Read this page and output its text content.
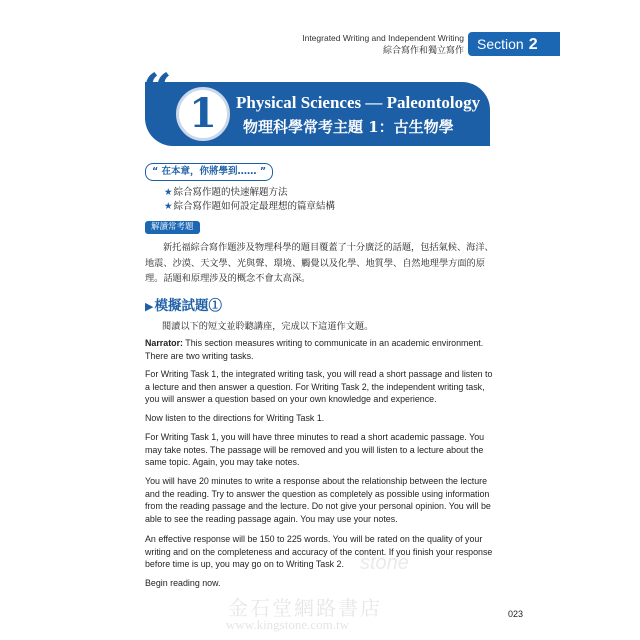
Integrated Writing and Independent Writing
綜合寫作和獨立寫作 Section 2
“
”
1	Physical Sciences — Paleontology
物理科學常考主題 1：古生物學
“ 在本章，你將學到…… ”
★綜合寫作題的快速解題方法
★綜合寫作題如何設定最理想的篇章結構
解讀常考題
新托福綜合寫作題涉及物理科學的題目覆蓋了十分廣泛的話題，包括氣候、海洋、地震、沙漠、天文學、光與聲、環境、觸覺以及化學、地質學、自然地理學方面的原理。話題和原理涉及的概念不會太高深。
▶模擬試題①
閱讀以下的短文並聆聽講座，完成以下這道作文題。
Narrator: This section measures writing to communicate in an academic environment. There are two writing tasks.
For Writing Task 1, the integrated writing task, you will read a short passage and listen to a lecture and then answer a question. For Writing Task 2, the independent writing task, you will answer a question based on your own knowledge and experience.
Now listen to the directions for Writing Task 1.
For Writing Task 1, you will have three minutes to read a short academic passage. You may take notes. The passage will be removed and you will listen to a lecture about the same topic. Again, you may take notes.
You will have 20 minutes to write a response about the relationship between the lecture and the reading. Try to answer the question as completely as possible using information from the reading passage and the lecture. Do not give your personal opinion. You will be able to see the reading passage again. You may use your notes.
An effective response will be 150 to 225 words. You will be rated on the quality of your writing and on the completeness and accuracy of the content. If you finish your response before time is up, you may go on to Writing Task 2.
Begin reading now.
stone
金石堂網路書店
www.kingstone.com.tw
023
